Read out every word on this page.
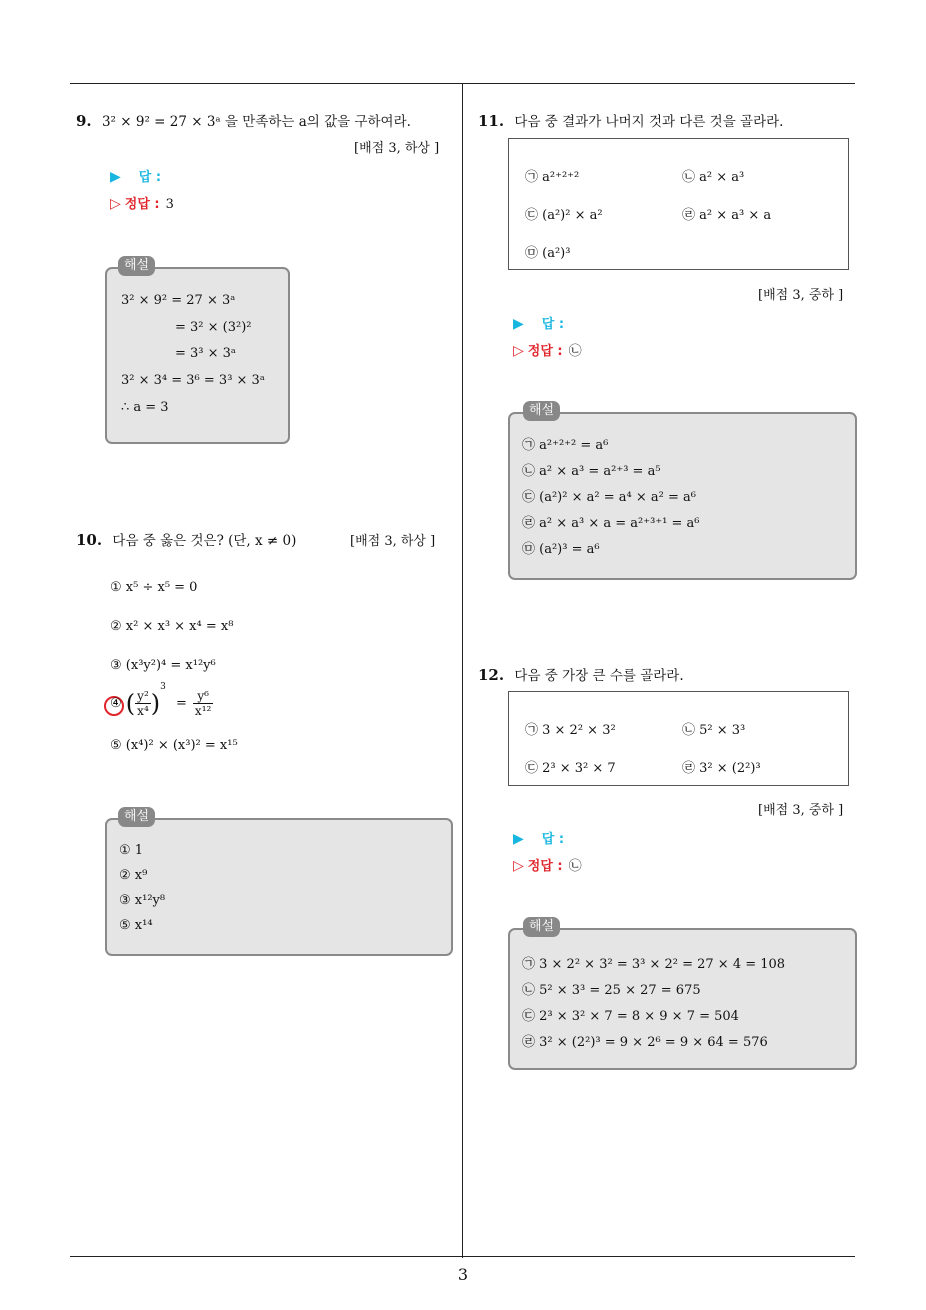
3
9. 3² × 9² = 27 × 3ᵃ 을 만족하는 a의 값을 구하여라.
[배점 3, 하상 ]
▶ 답 :
▷ 정답 : 3
3² × 9² = 27 × 3ᵃ
= 3² × (3²)²
= 3³ × 3ᵃ
3² × 3⁴ = 3⁶ = 3³ × 3ᵃ
∴ a = 3
해설
10. 다음 중 옳은 것은? (단, x ≠ 0)	[배점 3, 하상 ]
① x⁵ ÷ x⁵ = 0
② x² × x³ × x⁴ = x⁸
③ (x³y²)⁴ = x¹²y⁶
④ ( $\frac{\text{y²}}{\text{x⁴}} )^3 = \frac{\text{y⁶}}{\text{x¹²}}$
⑤ (x⁴)² × (x³)² = x¹⁵
① 1
② x⁹
③ x¹²y⁸
⑤ x¹⁴
해설
11. 다음 중 결과가 나머지 것과 다른 것을 골라라.
㉠ a²⁺²⁺²	㉡ a² × a³
㉢ (a²)² × a²	㉣ a² × a³ × a
㉤ (a²)³
[배점 3, 중하 ]
▶ 답 :
▷ 정답 : ㉡
㉠ a²⁺²⁺² = a⁶
㉡ a² × a³ = a²⁺³ = a⁵
㉢ (a²)² × a² = a⁴ × a² = a⁶
㉣ a² × a³ × a = a²⁺³⁺¹ = a⁶
㉤ (a²)³ = a⁶
해설
12. 다음 중 가장 큰 수를 골라라.
㉠ 3 × 2² × 3²	㉡ 5² × 3³
㉢ 2³ × 3² × 7	㉣ 3² × (2²)³
[배점 3, 중하 ]
▶ 답 :
▷ 정답 : ㉡
㉠ 3 × 2² × 3² = 3³ × 2² = 27 × 4 = 108
㉡ 5² × 3³ = 25 × 27 = 675
㉢ 2³ × 3² × 7 = 8 × 9 × 7 = 504
㉣ 3² × (2²)³ = 9 × 2⁶ = 9 × 64 = 576
해설
